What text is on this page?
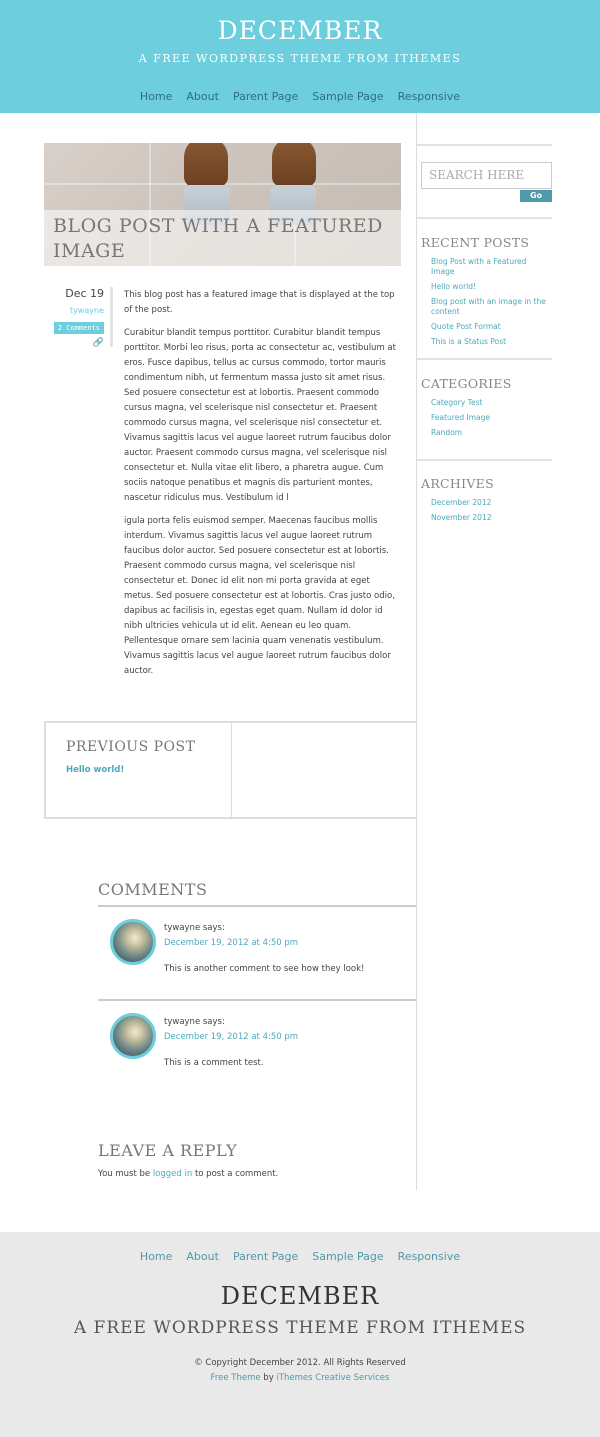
DECEMBER
A FREE WORDPRESS THEME FROM ITHEMES
Home About Parent Page Sample Page Responsive
BLOG POST WITH A FEATURED IMAGE
Dec 19
tywayne
2 Comments
🔗

This blog post has a featured image that is displayed at the top of the post.

Curabitur blandit tempus porttitor. Curabitur blandit tempus porttitor. Morbi leo risus, porta ac consectetur ac, vestibulum at eros. Fusce dapibus, tellus ac cursus commodo, tortor mauris condimentum nibh, ut fermentum massa justo sit amet risus. Sed posuere consectetur est at lobortis. Praesent commodo cursus magna, vel scelerisque nisl consectetur et. Praesent commodo cursus magna, vel scelerisque nisl consectetur et. Vivamus sagittis lacus vel augue laoreet rutrum faucibus dolor auctor. Praesent commodo cursus magna, vel scelerisque nisl consectetur et. Nulla vitae elit libero, a pharetra augue. Cum sociis natoque penatibus et magnis dis parturient montes, nascetur ridiculus mus. Vestibulum id l

igula porta felis euismod semper. Maecenas faucibus mollis interdum. Vivamus sagittis lacus vel augue laoreet rutrum faucibus dolor auctor. Sed posuere consectetur est at lobortis. Praesent commodo cursus magna, vel scelerisque nisl consectetur et. Donec id elit non mi porta gravida at eget metus. Sed posuere consectetur est at lobortis. Cras justo odio, dapibus ac facilisis in, egestas eget quam. Nullam id dolor id nibh ultricies vehicula ut id elit. Aenean eu leo quam. Pellentesque ornare sem lacinia quam venenatis vestibulum. Vivamus sagittis lacus vel augue laoreet rutrum faucibus dolor auctor.

PREVIOUS POST
Hello world!
COMMENTS
tywayne says:
December 19, 2012 at 4:50 pm
This is another comment to see how they look!
tywayne says:
December 19, 2012 at 4:50 pm
This is a comment test.
LEAVE A REPLY
You must be logged in to post a comment.
SEARCH HERE
Go
RECENT POSTS
Blog Post with a Featured Image
Hello world!
Blog post with an image in the content
Quote Post Format
This is a Status Post
CATEGORIES
Category Test
Featured Image
Random
ARCHIVES
December 2012
November 2012
Home About Parent Page Sample Page Responsive
DECEMBER
A FREE WORDPRESS THEME FROM ITHEMES
© Copyright December 2012. All Rights Reserved
Free Theme by iThemes Creative Services
